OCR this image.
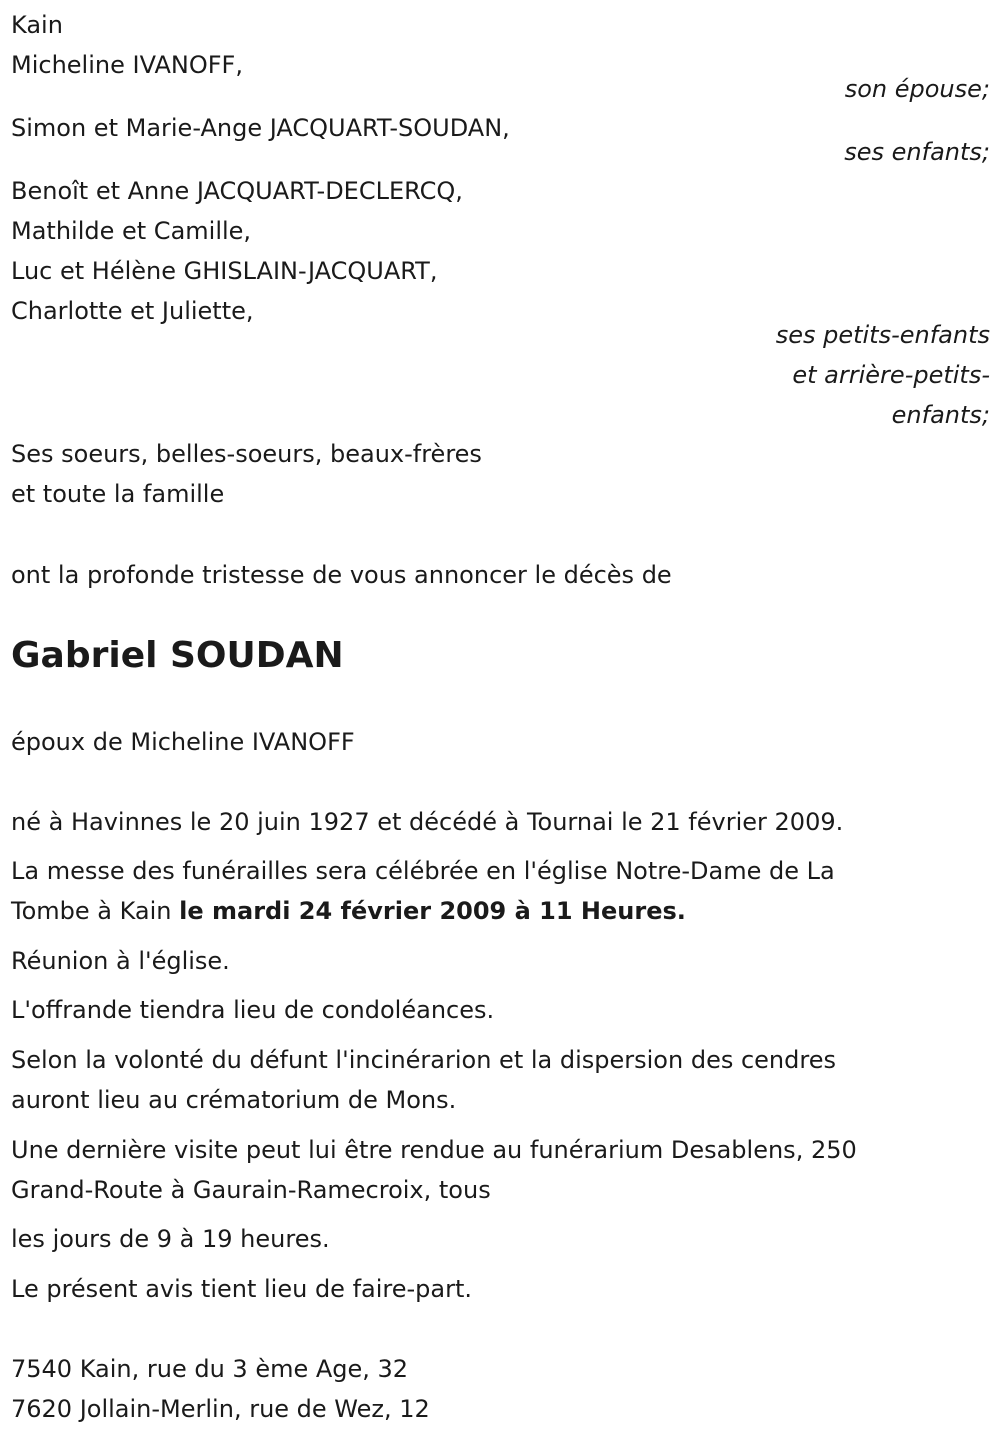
Kain
Micheline IVANOFF,
son épouse;
Simon et Marie-Ange JACQUART-SOUDAN,
ses enfants;
Benoît et Anne JACQUART-DECLERCQ,
Mathilde et Camille,
Luc et Hélène GHISLAIN-JACQUART,
Charlotte et Juliette,
ses petits-enfants
et arrière-petits-
enfants;
Ses soeurs, belles-soeurs, beaux-frères
et toute la famille
ont la profonde tristesse de vous annoncer le décès de
Gabriel SOUDAN
époux de Micheline IVANOFF
né à Havinnes le 20 juin 1927 et décédé à Tournai le 21 février 2009.
La messe des funérailles sera célébrée en l'église Notre-Dame de La
Tombe à Kain le mardi 24 février 2009 à 11 Heures.
Réunion à l'église.
L'offrande tiendra lieu de condoléances.
Selon la volonté du défunt l'incinérarion et la dispersion des cendres
auront lieu au crématorium de Mons.
Une dernière visite peut lui être rendue au funérarium Desablens, 250
Grand-Route à Gaurain-Ramecroix, tous
les jours de 9 à 19 heures.
Le présent avis tient lieu de faire-part.
7540 Kain, rue du 3 ème Age, 32
7620 Jollain-Merlin, rue de Wez, 12
